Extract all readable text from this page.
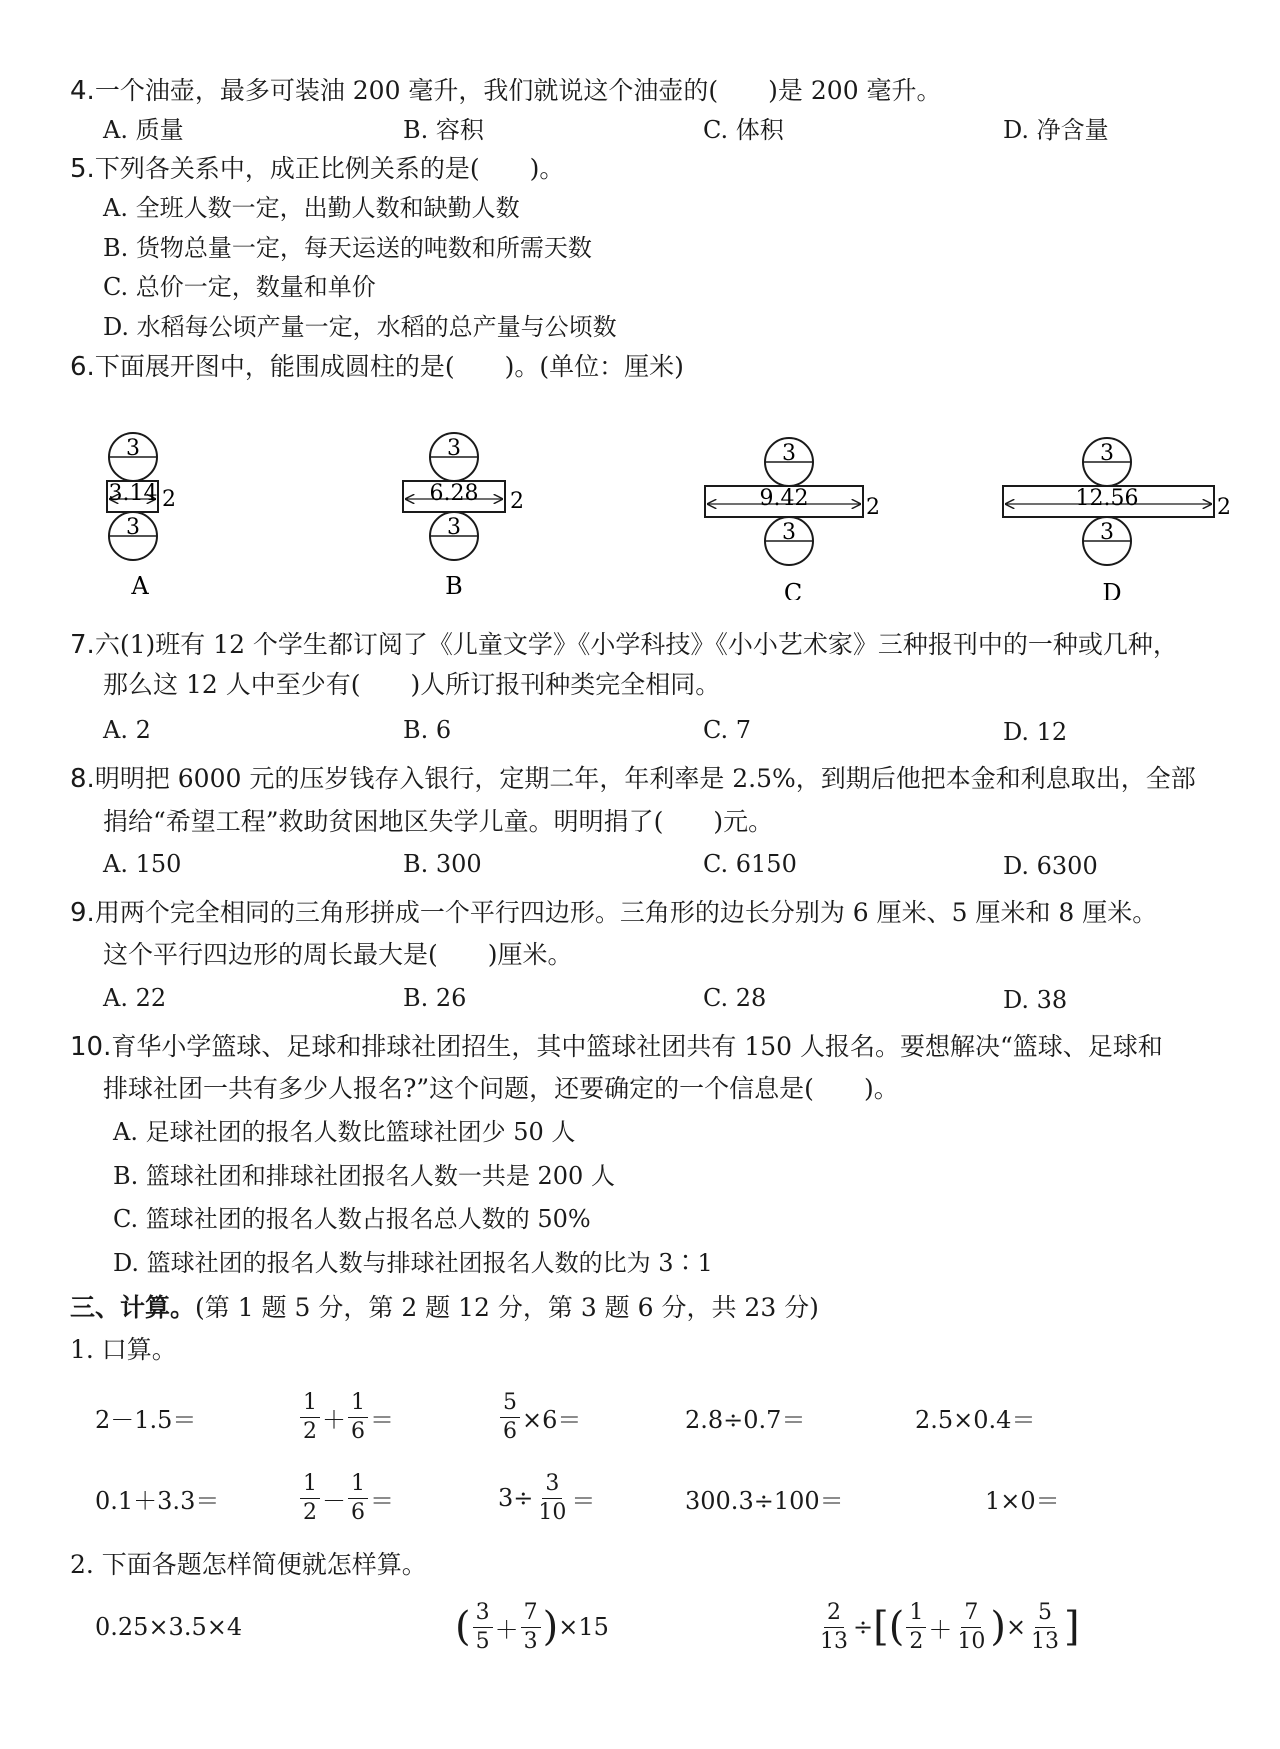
4.一个油壶，最多可装油 200 毫升，我们就说这个油壶的(　　)是 200 毫升。
A. 质量	B. 容积	C. 体积	D. 净含量
5.下列各关系中，成正比例关系的是(　　)。
A. 全班人数一定，出勤人数和缺勤人数
B. 货物总量一定，每天运送的吨数和所需天数
C. 总价一定，数量和单价
D. 水稻每公顷产量一定，水稻的总产量与公顷数
6.下面展开图中，能围成圆柱的是(　　)。(单位：厘米)
3
3.14 2
3
A
3
6.28 2
3
B
3
9.42	2
3
C
3
12.56	2
3
D
7.六(1)班有 12 个学生都订阅了《儿童文学》《小学科技》《小小艺术家》三种报刊中的一种或几种，
那么这 12 人中至少有(　　)人所订报刊种类完全相同。
A. 2	B. 6	C. 7	D. 12
8.明明把 6000 元的压岁钱存入银行，定期二年，年利率是 2.5%，到期后他把本金和利息取出，全部
捐给“希望工程”救助贫困地区失学儿童。明明捐了(　　)元。
A. 150	B. 300	C. 6150	D. 6300
9.用两个完全相同的三角形拼成一个平行四边形。三角形的边长分别为 6 厘米、5 厘米和 8 厘米。
这个平行四边形的周长最大是(　　)厘米。
A. 22	B. 26	C. 28	D. 38
10.育华小学篮球、足球和排球社团招生，其中篮球社团共有 150 人报名。要想解决“篮球、足球和
排球社团一共有多少人报名?”这个问题，还要确定的一个信息是(　　)。
A. 足球社团的报名人数比篮球社团少 50 人
B. 篮球社团和排球社团报名人数一共是 200 人
C. 篮球社团的报名人数占报名总人数的 50%
D. 篮球社团的报名人数与排球社团报名人数的比为 3∶1
三、计算。(第 1 题 5 分，第 2 题 12 分，第 3 题 6 分，共 23 分)
1. 口算。
2－1.5＝	$\frac{1}{2} + \frac{1}{6}$ ＝	$\frac{5}{6} \times 6=$	2.8÷0.7＝	2.5×0.4＝
0.1＋3.3＝	$\frac{1}{2} - \frac{1}{6}$ ＝	$3\div \frac{3}{10}$ ＝	300.3÷100＝	1×0＝
2. 下面各题怎样简便就怎样算。
0.25×3.5×4	( $\frac{3}{5} + \frac{7}{3}$ ) ×15	$\frac{2}{13}$ ÷ [ ( $\frac{1}{2} + \frac{7}{10}$ ) × $\frac{5}{13}$ ]
